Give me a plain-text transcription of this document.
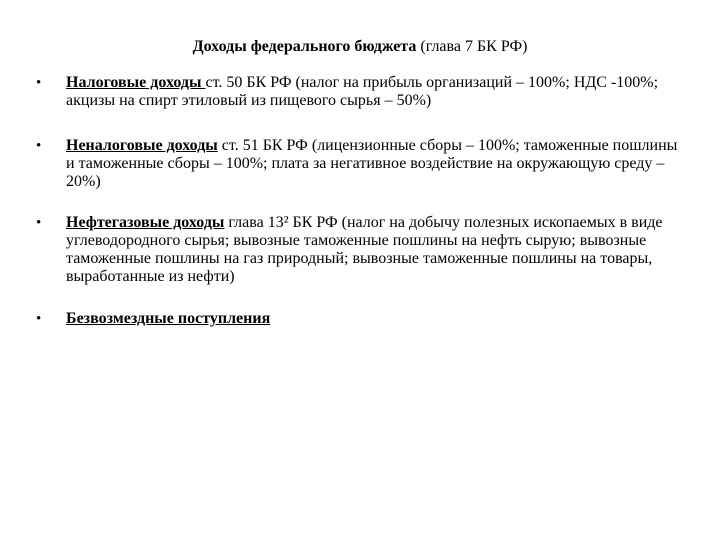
Доходы федерального бюджета (глава 7 БК РФ)
• Налоговые доходы ст. 50 БК РФ (налог на прибыль организаций – 100%; НДС -100%; акцизы на спирт этиловый из пищевого сырья – 50%)
• Неналоговые доходы ст. 51 БК РФ (лицензионные сборы – 100%; таможенные пошлины и таможенные сборы – 100%; плата за негативное воздействие на окружающую среду – 20%)
• Нефтегазовые доходы глава 13² БК РФ (налог на добычу полезных ископаемых в виде углеводородного сырья; вывозные таможенные пошлины на нефть сырую; вывозные таможенные пошлины на газ природный; вывозные таможенные пошлины на товары, выработанные из нефти)
• Безвозмездные поступления
